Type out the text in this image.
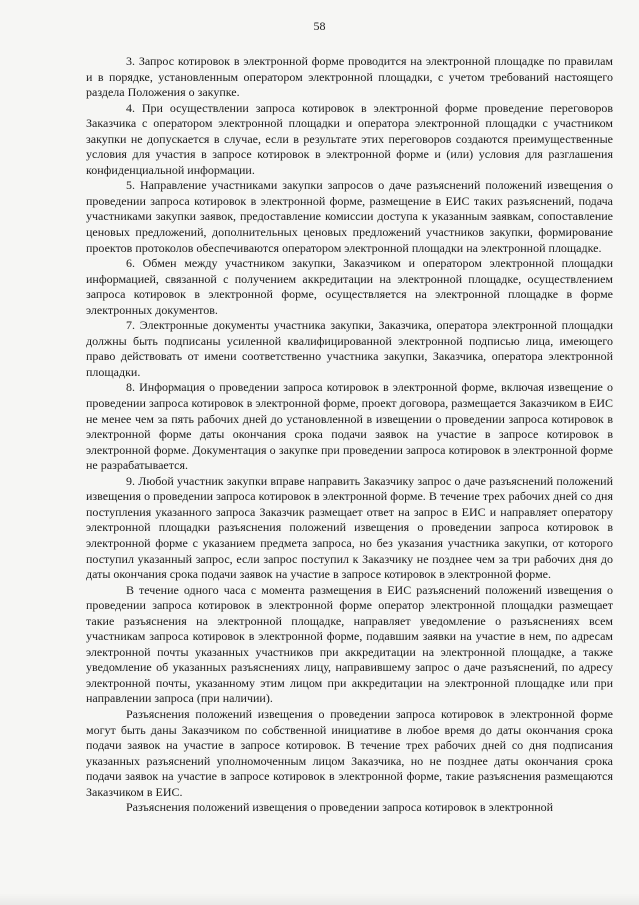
58

3. Запрос котировок в электронной форме проводится на электронной площадке по правилам и в порядке, установленным оператором электронной площадки, с учетом требований настоящего раздела Положения о закупке.

4. При осуществлении запроса котировок в электронной форме проведение переговоров Заказчика с оператором электронной площадки и оператора электронной площадки с участником закупки не допускается в случае, если в результате этих переговоров создаются преимущественные условия для участия в запросе котировок в электронной форме и (или) условия для разглашения конфиденциальной информации.

5. Направление участниками закупки запросов о даче разъяснений положений извещения о проведении запроса котировок в электронной форме, размещение в ЕИС таких разъяснений, подача участниками закупки заявок, предоставление комиссии доступа к указанным заявкам, сопоставление ценовых предложений, дополнительных ценовых предложений участников закупки, формирование проектов протоколов обеспечиваются оператором электронной площадки на электронной площадке.

6. Обмен между участником закупки, Заказчиком и оператором электронной площадки информацией, связанной с получением аккредитации на электронной площадке, осуществлением запроса котировок в электронной форме, осуществляется на электронной площадке в форме электронных документов.

7. Электронные документы участника закупки, Заказчика, оператора электронной площадки должны быть подписаны усиленной квалифицированной электронной подписью лица, имеющего право действовать от имени соответственно участника закупки, Заказчика, оператора электронной площадки.

8. Информация о проведении запроса котировок в электронной форме, включая извещение о проведении запроса котировок в электронной форме, проект договора, размещается Заказчиком в ЕИС не менее чем за пять рабочих дней до установленной в извещении о проведении запроса котировок в электронной форме даты окончания срока подачи заявок на участие в запросе котировок в электронной форме. Документация о закупке при проведении запроса котировок в электронной форме не разрабатывается.

9. Любой участник закупки вправе направить Заказчику запрос о даче разъяснений положений извещения о проведении запроса котировок в электронной форме. В течение трех рабочих дней со дня поступления указанного запроса Заказчик размещает ответ на запрос в ЕИС и направляет оператору электронной площадки разъяснения положений извещения о проведении запроса котировок в электронной форме с указанием предмета запроса, но без указания участника закупки, от которого поступил указанный запрос, если запрос поступил к Заказчику не позднее чем за три рабочих дня до даты окончания срока подачи заявок на участие в запросе котировок в электронной форме.

В течение одного часа с момента размещения в ЕИС разъяснений положений извещения о проведении запроса котировок в электронной форме оператор электронной площадки размещает такие разъяснения на электронной площадке, направляет уведомление о разъяснениях всем участникам запроса котировок в электронной форме, подавшим заявки на участие в нем, по адресам электронной почты указанных участников при аккредитации на электронной площадке, а также уведомление об указанных разъяснениях лицу, направившему запрос о даче разъяснений, по адресу электронной почты, указанному этим лицом при аккредитации на электронной площадке или при направлении запроса (при наличии).

Разъяснения положений извещения о проведении запроса котировок в электронной форме могут быть даны Заказчиком по собственной инициативе в любое время до даты окончания срока подачи заявок на участие в запросе котировок. В течение трех рабочих дней со дня подписания указанных разъяснений уполномоченным лицом Заказчика, но не позднее даты окончания срока подачи заявок на участие в запросе котировок в электронной форме, такие разъяснения размещаются Заказчиком в ЕИС.

Разъяснения положений извещения о проведении запроса котировок в электронной
